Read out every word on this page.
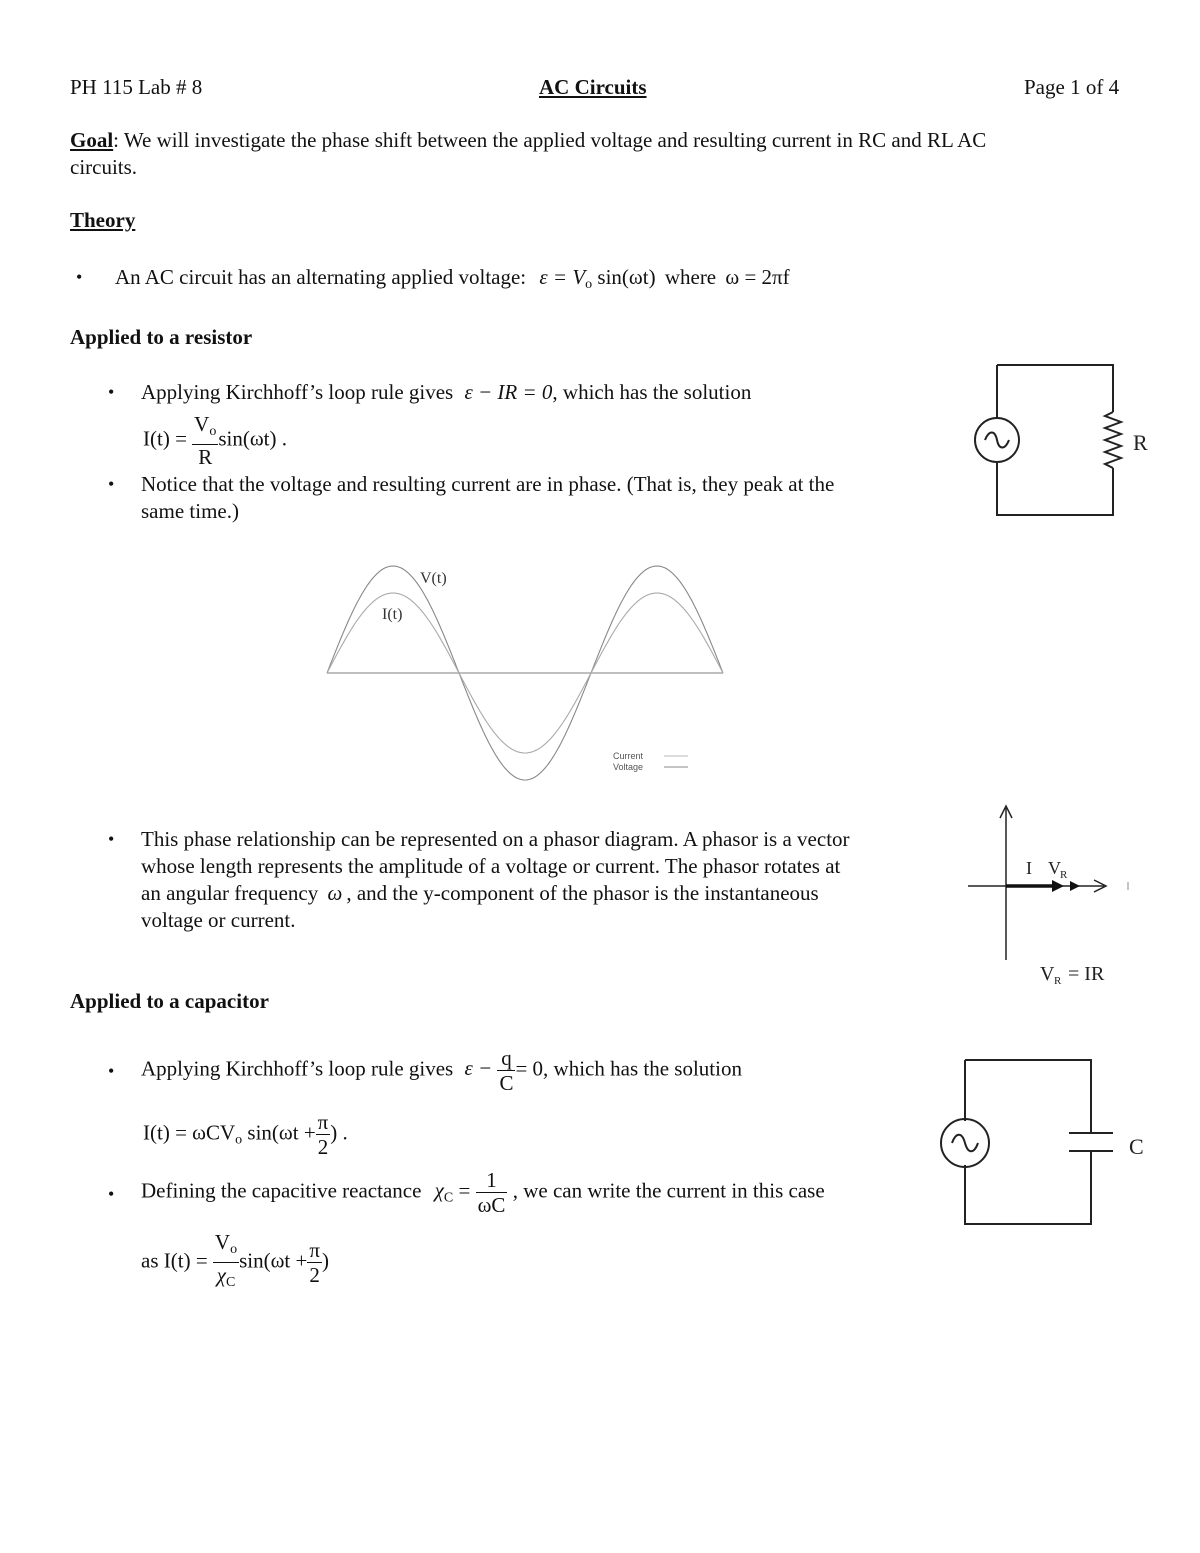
PH 115 Lab # 8	AC Circuits	Page 1 of 4
Goal: We will investigate the phase shift between the applied voltage and resulting current in RC and RL AC
circuits.
Theory
• An AC circuit has an alternating applied voltage: $\varepsilon = V_o$ sin(ωt) where ω = 2πf
Applied to a resistor
• Applying Kirchhoff’s loop rule gives ε − IR = 0, which has the solution
$I(t) = \frac{V_o}{R} \sin(\omega t)$ .
• Notice that the voltage and resulting current are in phase. (That is, they peak at the
same time.)
R
V(t)
I(t)
Current
Voltage
• This phase relationship can be represented on a phasor diagram. A phasor is a vector
whose length represents the amplitude of a voltage or current. The phasor rotates at
an angular frequency ω , and the y-component of the phasor is the instantaneous
voltage or current.
I V R
V R = IR
Applied to a capacitor
• Applying Kirchhoff’s loop rule gives $\varepsilon - \frac{q}{C} = 0$, which has the solution
I(t) = ωCV$_o$ $\sin(\omega t + \frac{\pi}{2}$ ) .
• Defining the capacitive reactance $\chi_C = \frac{1}{\omega C}$ , we can write the current in this case
as $I(t) = \frac{V_o}{\chi_C} \sin(\omega t + \frac{\pi}{2}$ )
C
